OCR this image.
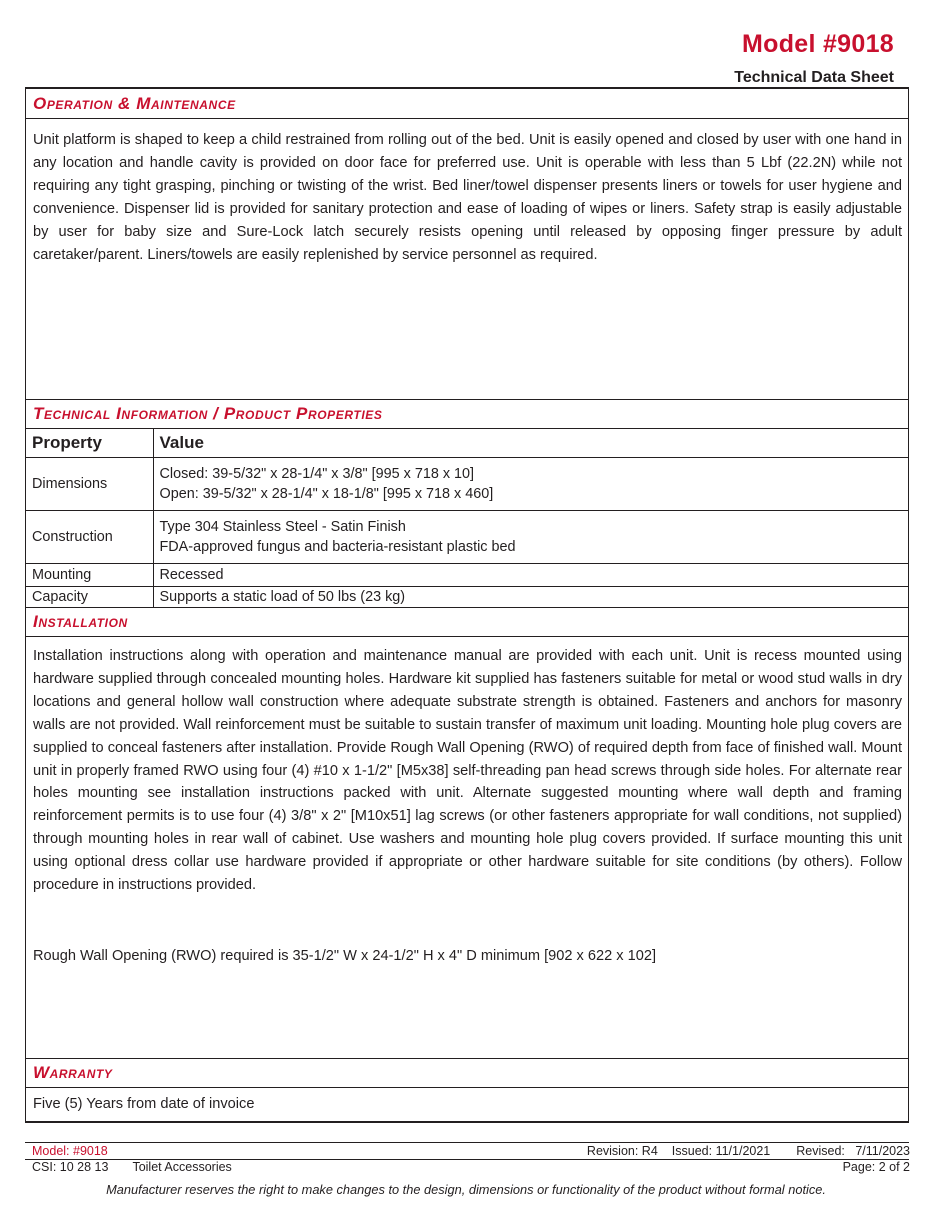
Model #9018
Technical Data Sheet
Operation & Maintenance
Unit platform is shaped to keep a child restrained from rolling out of the bed. Unit is easily opened and closed by user with one hand in any location and handle cavity is provided on door face for preferred use. Unit is operable with less than 5 Lbf (22.2N) while not requiring any tight grasping, pinching or twisting of the wrist. Bed liner/towel dispenser presents liners or towels for user hygiene and convenience. Dispenser lid is provided for sanitary protection and ease of loading of wipes or liners. Safety strap is easily adjustable by user for baby size and Sure-Lock latch securely resists opening until released by opposing finger pressure by adult caretaker/parent. Liners/towels are easily replenished by service personnel as required.
Technical Information / Product Properties
Property	Value
Dimensions	Closed: 39-5/32" x 28-1/4" x 3/8" [995 x 718 x 10]
Open: 39-5/32" x 28-1/4" x 18-1/8" [995 x 718 x 460]

Construction	Type 304 Stainless Steel - Satin Finish
FDA-approved fungus and bacteria-resistant plastic bed

Mounting	Recessed
Capacity	Supports a static load of 50 lbs (23 kg)
Installation
Installation instructions along with operation and maintenance manual are provided with each unit. Unit is recess mounted using hardware supplied through concealed mounting holes. Hardware kit supplied has fasteners suitable for metal or wood stud walls in dry locations and general hollow wall construction where adequate substrate strength is obtained. Fasteners and anchors for masonry walls are not provided. Wall reinforcement must be suitable to sustain transfer of maximum unit loading. Mounting hole plug covers are supplied to conceal fasteners after installation. Provide Rough Wall Opening (RWO) of required depth from face of finished wall. Mount unit in properly framed RWO using four (4) #10 x 1-1/2" [M5x38] self-threading pan head screws through side holes. For alternate rear holes mounting see installation instructions packed with unit. Alternate suggested mounting where wall depth and framing reinforcement permits is to use four (4) 3/8" x 2" [M10x51] lag screws (or other fasteners appropriate for wall conditions, not supplied) through mounting holes in rear wall of cabinet. Use washers and mounting hole plug covers provided. If surface mounting this unit using optional dress collar use hardware provided if appropriate or other hardware suitable for site conditions (by others). Follow procedure in instructions provided.
Rough Wall Opening (RWO) required is 35-1/2" W x 24-1/2" H x 4" D minimum [902 x 622 x 102]
Warranty
Five (5) Years from date of invoice
Model: #9018	Revision: R4 Issued: 11/1/2021 Revised:   7/11/2023
CSI: 10 28 13 Toilet Accessories	Page: 2 of 2
Manufacturer reserves the right to make changes to the design, dimensions or functionality of the product without formal notice.
